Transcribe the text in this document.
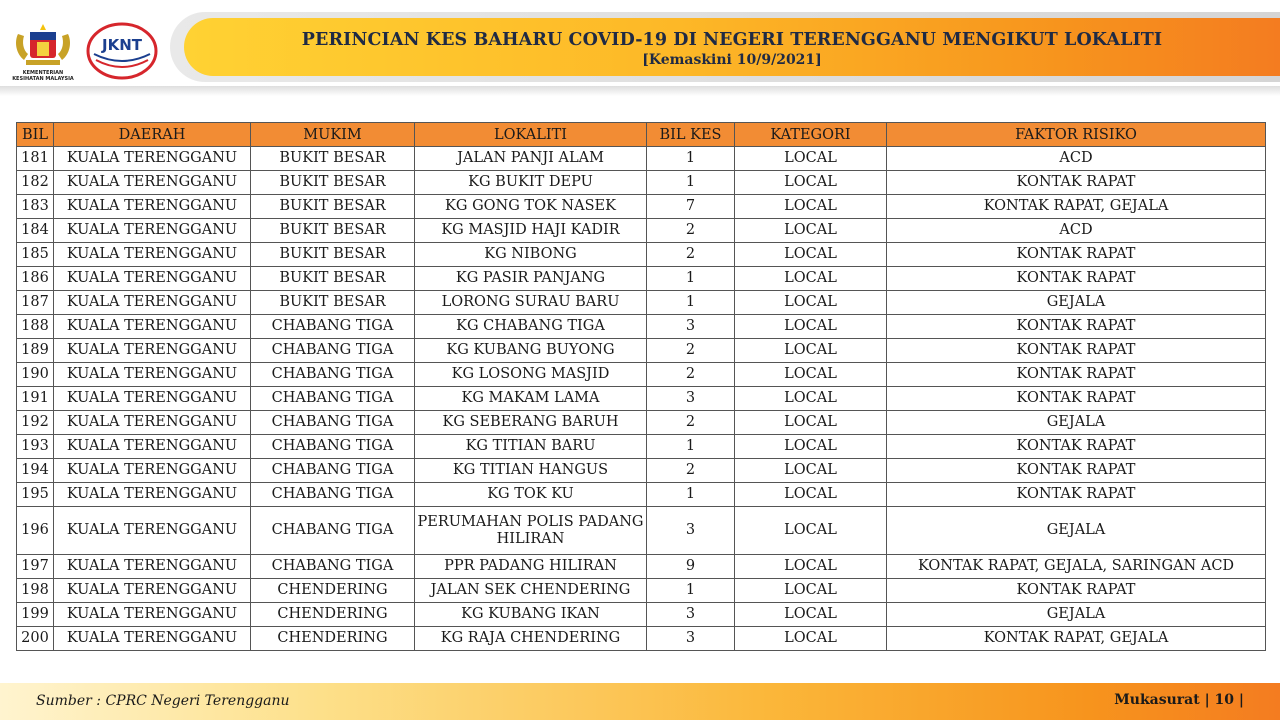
KEMENTERIAN KESIHATAN MALAYSIA
JKNT	PERINCIAN KES BAHARU COVID-19 DI NEGERI TERENGGANU MENGIKUT LOKALITI
[Kemaskini 10/9/2021]
BIL	DAERAH	MUKIM	LOKALITI	BIL KES	KATEGORI	FAKTOR RISIKO
181	KUALA TERENGGANU	BUKIT BESAR	JALAN PANJI ALAM	1	LOCAL	ACD
182	KUALA TERENGGANU	BUKIT BESAR	KG BUKIT DEPU	1	LOCAL	KONTAK RAPAT
183	KUALA TERENGGANU	BUKIT BESAR	KG GONG TOK NASEK	7	LOCAL	KONTAK RAPAT, GEJALA
184	KUALA TERENGGANU	BUKIT BESAR	KG MASJID HAJI KADIR	2	LOCAL	ACD
185	KUALA TERENGGANU	BUKIT BESAR	KG NIBONG	2	LOCAL	KONTAK RAPAT
186	KUALA TERENGGANU	BUKIT BESAR	KG PASIR PANJANG	1	LOCAL	KONTAK RAPAT
187	KUALA TERENGGANU	BUKIT BESAR	LORONG SURAU BARU	1	LOCAL	GEJALA
188	KUALA TERENGGANU	CHABANG TIGA	KG CHABANG TIGA	3	LOCAL	KONTAK RAPAT
189	KUALA TERENGGANU	CHABANG TIGA	KG KUBANG BUYONG	2	LOCAL	KONTAK RAPAT
190	KUALA TERENGGANU	CHABANG TIGA	KG LOSONG MASJID	2	LOCAL	KONTAK RAPAT
191	KUALA TERENGGANU	CHABANG TIGA	KG MAKAM LAMA	3	LOCAL	KONTAK RAPAT
192	KUALA TERENGGANU	CHABANG TIGA	KG SEBERANG BARUH	2	LOCAL	GEJALA
193	KUALA TERENGGANU	CHABANG TIGA	KG TITIAN BARU	1	LOCAL	KONTAK RAPAT
194	KUALA TERENGGANU	CHABANG TIGA	KG TITIAN HANGUS	2	LOCAL	KONTAK RAPAT
195	KUALA TERENGGANU	CHABANG TIGA	KG TOK KU	1	LOCAL	KONTAK RAPAT
196	KUALA TERENGGANU	CHABANG TIGA	PERUMAHAN POLIS PADANG HILIRAN	3	LOCAL	GEJALA
197	KUALA TERENGGANU	CHABANG TIGA	PPR PADANG HILIRAN	9	LOCAL	KONTAK RAPAT, GEJALA, SARINGAN ACD
198	KUALA TERENGGANU	CHENDERING	JALAN SEK CHENDERING	1	LOCAL	KONTAK RAPAT
199	KUALA TERENGGANU	CHENDERING	KG KUBANG IKAN	3	LOCAL	GEJALA
200	KUALA TERENGGANU	CHENDERING	KG RAJA CHENDERING	3	LOCAL	KONTAK RAPAT, GEJALA
Sumber : CPRC Negeri Terengganu	Mukasurat | 10 |
